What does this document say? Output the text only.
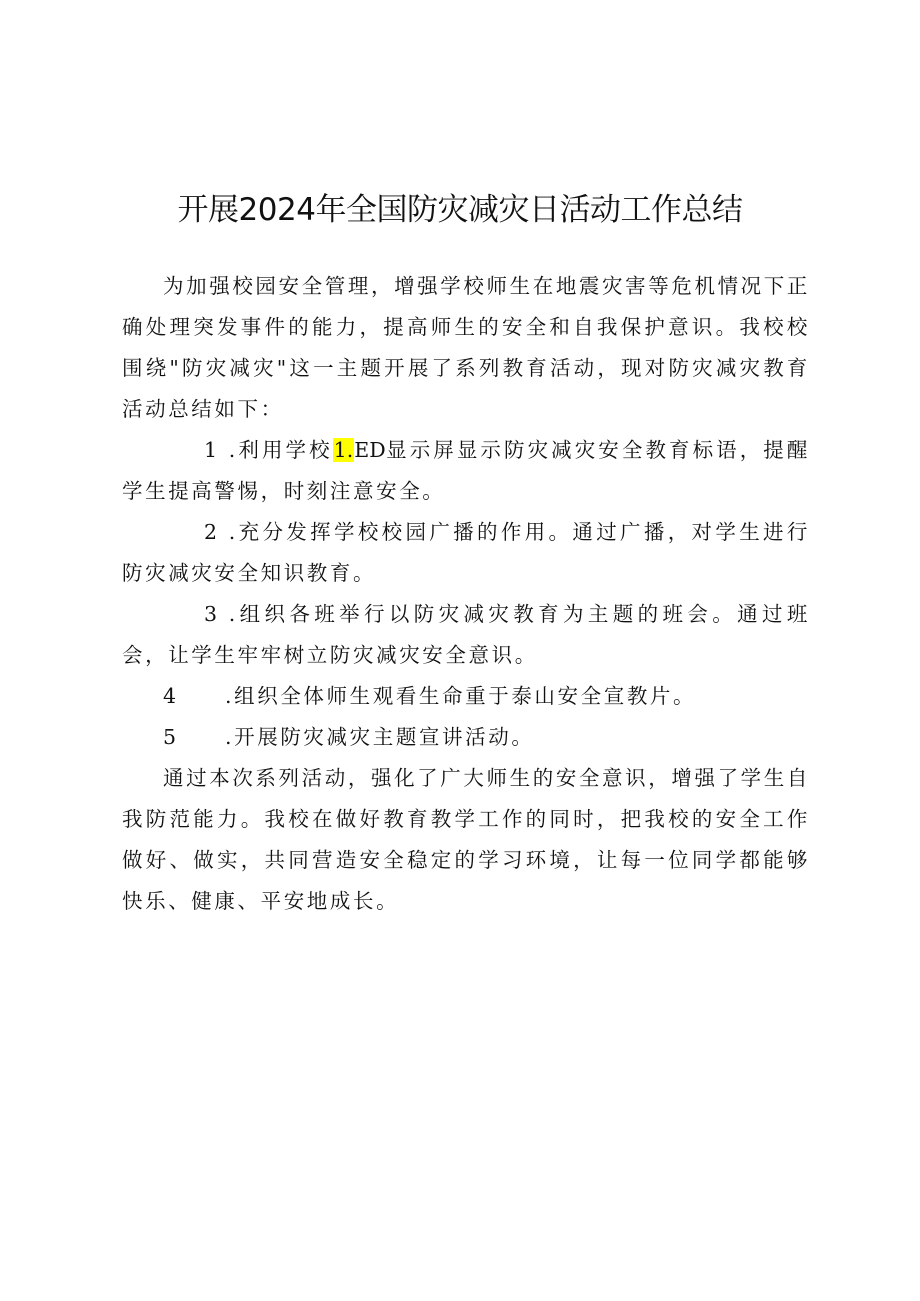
开展2024年全国防灾减灾日活动工作总结

为加强校园安全管理，增强学校师生在地震灾害等危机情况下正确处理突发事件的能力，提高师生的安全和自我保护意识。我校校围绕"防灾减灾"这一主题开展了系列教育活动，现对防灾减灾教育活动总结如下：

1 .利用学校1.ED显示屏显示防灾减灾安全教育标语，提醒学生提高警惕，时刻注意安全。

2 .充分发挥学校校园广播的作用。通过广播，对学生进行防灾减灾安全知识教育。

3 .组织各班举行以防灾减灾教育为主题的班会。通过班会，让学生牢牢树立防灾减灾安全意识。

4 .组织全体师生观看生命重于泰山安全宣教片。

5 .开展防灾减灾主题宣讲活动。

通过本次系列活动，强化了广大师生的安全意识，增强了学生自我防范能力。我校在做好教育教学工作的同时，把我校的安全工作做好、做实，共同营造安全稳定的学习环境，让每一位同学都能够快乐、健康、平安地成长。
